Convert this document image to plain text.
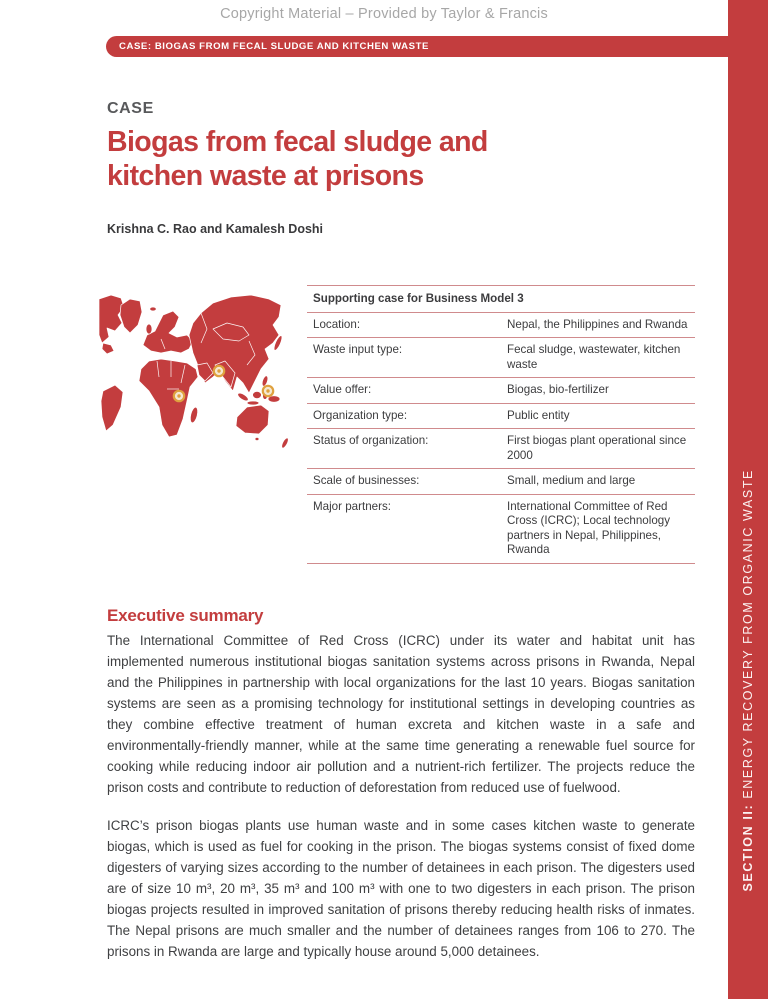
Copyright Material – Provided by Taylor & Francis
CASE: BIOGAS FROM FECAL SLUDGE AND KITCHEN WASTE
SECTION II: ENERGY RECOVERY FROM ORGANIC WASTE
CASE
Biogas from fecal sludge and kitchen waste at prisons
Krishna C. Rao and Kamalesh Doshi
Supporting case for Business Model 3	
Location:	Nepal, the Philippines and Rwanda
Waste input type:	Fecal sludge, wastewater, kitchen waste
Value offer:	Biogas, bio-fertilizer
Organization type:	Public entity
Status of organization:	First biogas plant operational since 2000
Scale of businesses:	Small, medium and large
Major partners:	International Committee of Red Cross (ICRC); Local technology partners in Nepal, Philippines, Rwanda
Executive summary

The International Committee of Red Cross (ICRC) under its water and habitat unit has implemented numerous institutional biogas sanitation systems across prisons in Rwanda, Nepal and the Philippines in partnership with local organizations for the last 10 years. Biogas sanitation systems are seen as a promising technology for institutional settings in developing countries as they combine effective treatment of human excreta and kitchen waste in a safe and environmentally-friendly manner, while at the same time generating a renewable fuel source for cooking while reducing indoor air pollution and a nutrient-rich fertilizer. The projects reduce the prison costs and contribute to reduction of deforestation from reduced use of fuelwood.

ICRC’s prison biogas plants use human waste and in some cases kitchen waste to generate biogas, which is used as fuel for cooking in the prison. The biogas systems consist of fixed dome digesters of varying sizes according to the number of detainees in each prison. The digesters used are of size 10 m³, 20 m³, 35 m³ and 100 m³ with one to two digesters in each prison. The prison biogas projects resulted in improved sanitation of prisons thereby reducing health risks of inmates. The Nepal prisons are much smaller and the number of detainees ranges from 106 to 270. The prisons in Rwanda are large and typically house around 5,000 detainees.
